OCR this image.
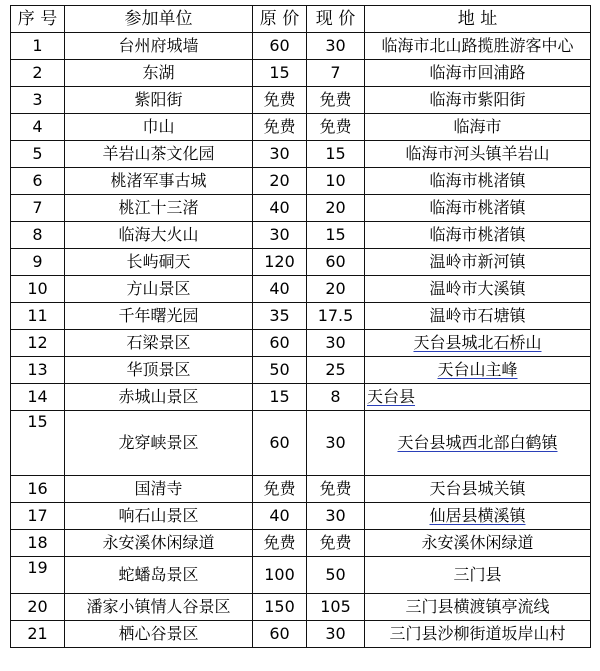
序 号	参加单位	原 价	现 价	地 址
1	台州府城墙	60	30	临海市北山路揽胜游客中心
2	东湖	15	7	临海市回浦路
3	紫阳街	免费	免费	临海市紫阳街
4	巾山	免费	免费	临海市
5	羊岩山茶文化园	30	15	临海市河头镇羊岩山
6	桃渚军事古城	20	10	临海市桃渚镇
7	桃江十三渚	40	20	临海市桃渚镇
8	临海大火山	30	15	临海市桃渚镇
9	长屿硐天	120	60	温岭市新河镇
10	方山景区	40	20	温岭市大溪镇
11	千年曙光园	35	17.5	温岭市石塘镇
12	石梁景区	60	30	天台县城北石桥山
13	华顶景区	50	25	天台山主峰
14	赤城山景区	15	8	天台县
15	龙穿峡景区	60	30	天台县城西北部白鹤镇
16	国清寺	免费	免费	天台县城关镇
17	响石山景区	40	30	仙居县横溪镇
18	永安溪休闲绿道	免费	免费	永安溪休闲绿道
19	蛇蟠岛景区	100	50	三门县
20	潘家小镇情人谷景区	150	105	三门县横渡镇亭流线
21	栖心谷景区	60	30	三门县沙柳街道坂岸山村
